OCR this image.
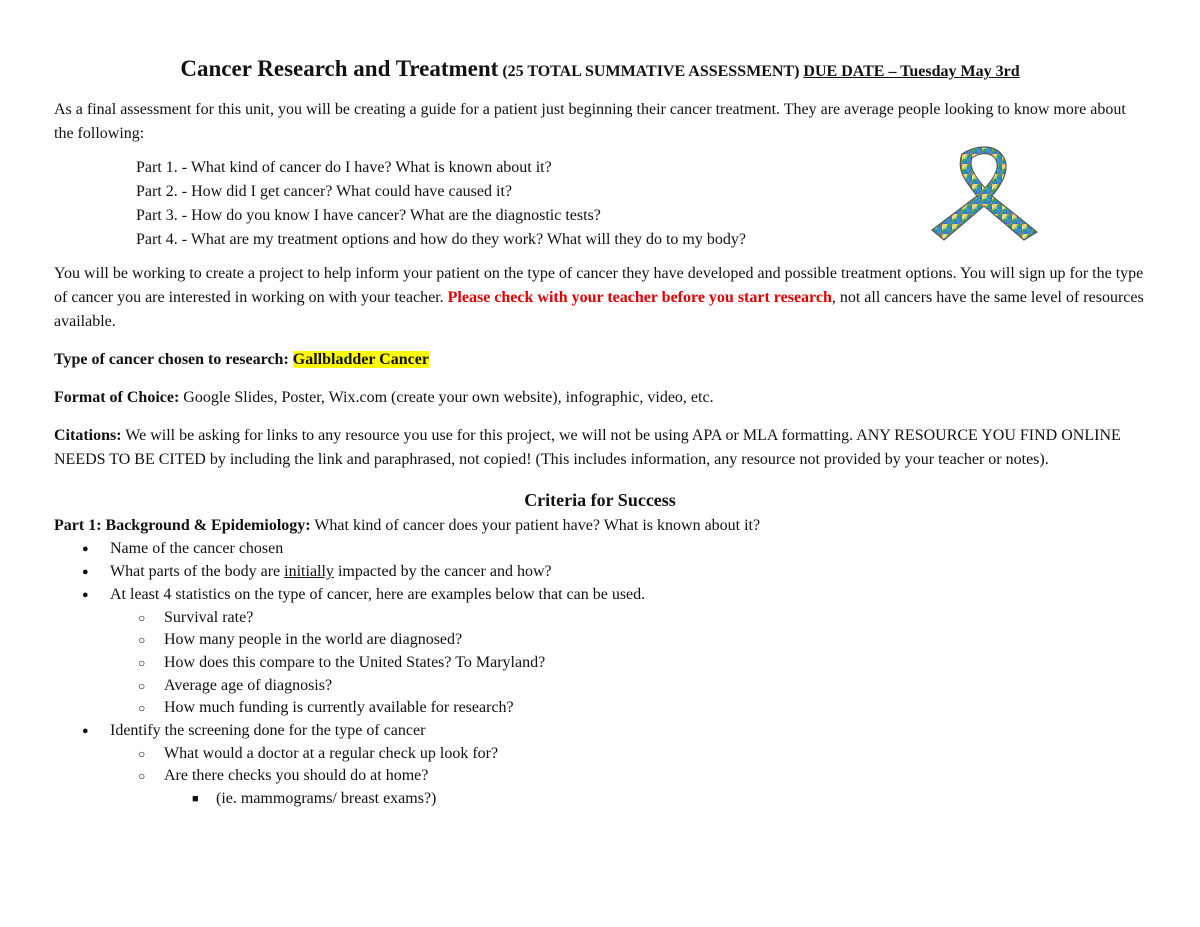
Cancer Research and Treatment (25 TOTAL SUMMATIVE ASSESSMENT) DUE DATE – Tuesday May 3rd

As a final assessment for this unit, you will be creating a guide for a patient just beginning their cancer treatment. They are average people looking to know more about the following:

Part 1. - What kind of cancer do I have? What is known about it?
Part 2. - How did I get cancer? What could have caused it?
Part 3. - How do you know I have cancer? What are the diagnostic tests?
Part 4. - What are my treatment options and how do they work? What will they do to my body?

You will be working to create a project to help inform your patient on the type of cancer they have developed and possible treatment options. You will sign up for the type of cancer you are interested in working on with your teacher. Please check with your teacher before you start research, not all cancers have the same level of resources available.

Type of cancer chosen to research: Gallbladder Cancer

Format of Choice: Google Slides, Poster, Wix.com (create your own website), infographic, video, etc.

Citations: We will be asking for links to any resource you use for this project, we will not be using APA or MLA formatting. ANY RESOURCE YOU FIND ONLINE NEEDS TO BE CITED by including the link and paraphrased, not copied! (This includes information, any resource not provided by your teacher or notes).

Criteria for Success

Part 1: Background & Epidemiology: What kind of cancer does your patient have? What is known about it?

● Name of the cancer chosen
● What parts of the body are initially impacted by the cancer and how?
● At least 4 statistics on the type of cancer, here are examples below that can be used.
○ Survival rate?
○ How many people in the world are diagnosed?
○ How does this compare to the United States? To Maryland?
○ Average age of diagnosis?
○ How much funding is currently available for research?
● Identify the screening done for the type of cancer
○ What would a doctor at a regular check up look for?
○ Are there checks you should do at home?
■ (ie. mammograms/ breast exams?)
